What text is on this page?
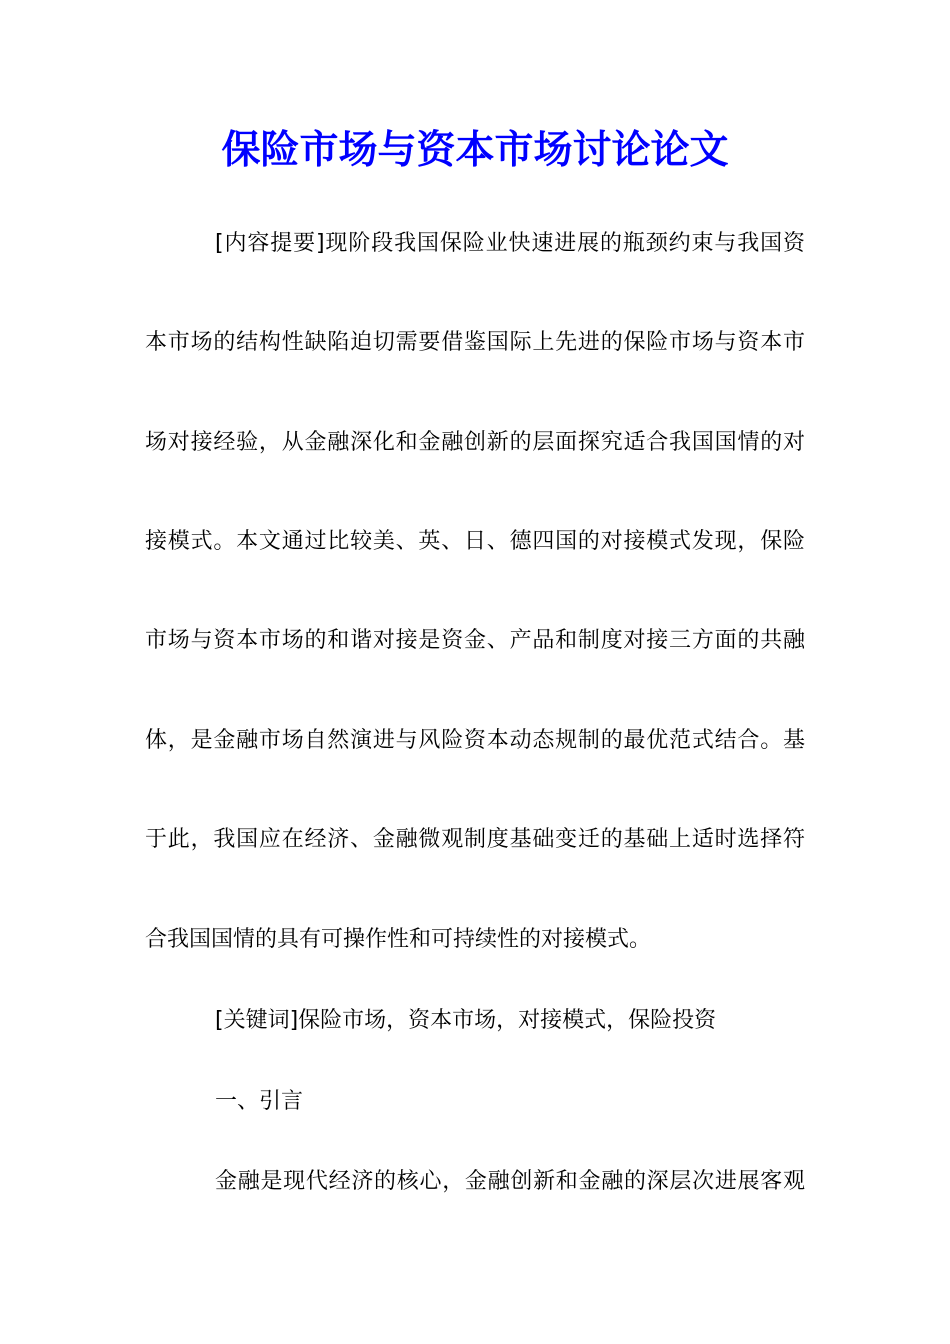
保险市场与资本市场讨论论文
[内容提要]现阶段我国保险业快速进展的瓶颈约束与我国资
本市场的结构性缺陷迫切需要借鉴国际上先进的保险市场与资本市
场对接经验，从金融深化和金融创新的层面探究适合我国国情的对
接模式。本文通过比较美、英、日、德四国的对接模式发现，保险
市场与资本市场的和谐对接是资金、产品和制度对接三方面的共融
体，是金融市场自然演进与风险资本动态规制的最优范式结合。基
于此，我国应在经济、金融微观制度基础变迁的基础上适时选择符
合我国国情的具有可操作性和可持续性的对接模式。
[关键词]保险市场，资本市场，对接模式，保险投资
一、引言
金融是现代经济的核心，金融创新和金融的深层次进展客观
